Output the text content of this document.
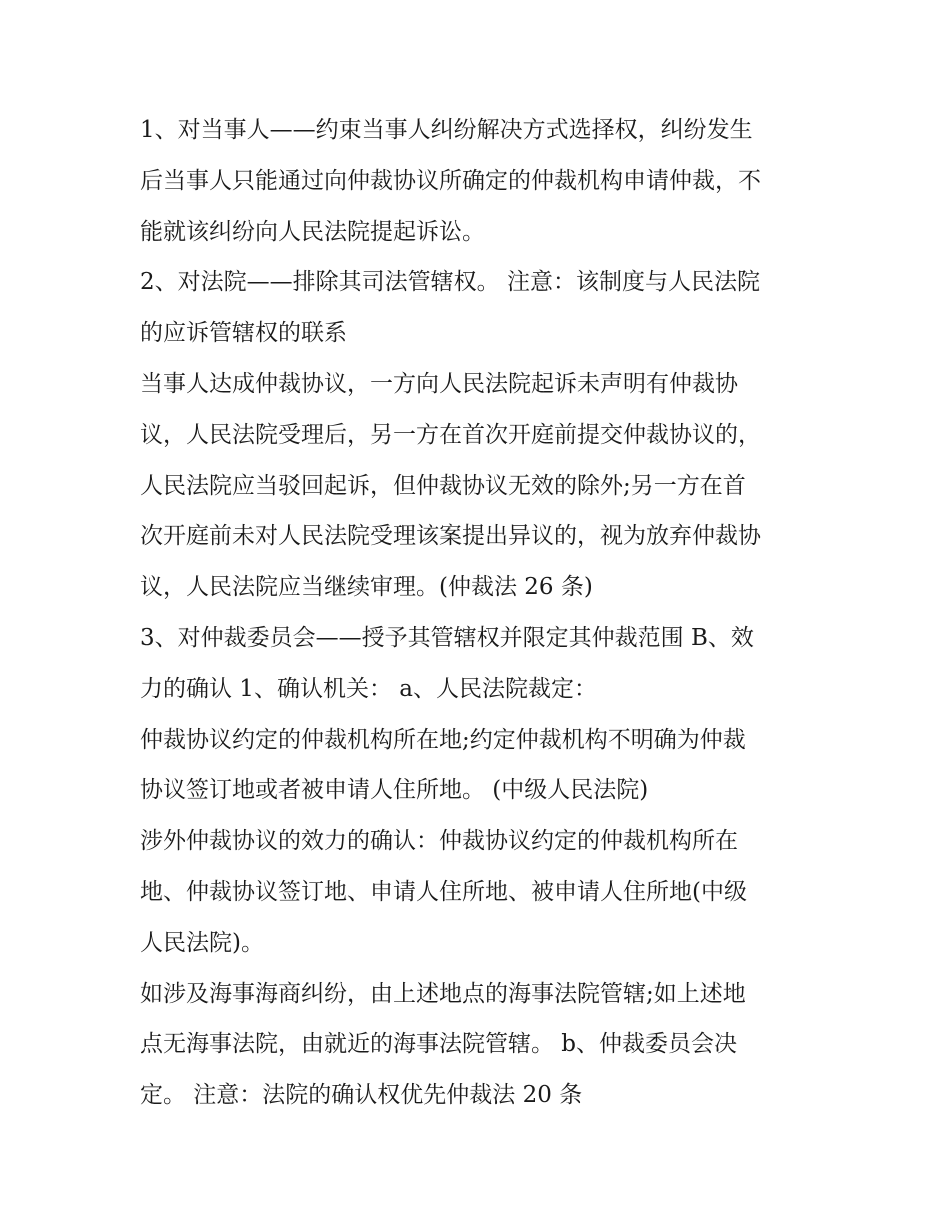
1、对当事人——约束当事人纠纷解决方式选择权，纠纷发生
后当事人只能通过向仲裁协议所确定的仲裁机构申请仲裁，不
能就该纠纷向人民法院提起诉讼。
2、对法院——排除其司法管辖权。 注意：该制度与人民法院
的应诉管辖权的联系
当事人达成仲裁协议，一方向人民法院起诉未声明有仲裁协
议，人民法院受理后，另一方在首次开庭前提交仲裁协议的，
人民法院应当驳回起诉，但仲裁协议无效的除外;另一方在首
次开庭前未对人民法院受理该案提出异议的，视为放弃仲裁协
议，人民法院应当继续审理。(仲裁法 26 条)
3、对仲裁委员会——授予其管辖权并限定其仲裁范围 B、效
力的确认 1、确认机关： a、人民法院裁定：
仲裁协议约定的仲裁机构所在地;约定仲裁机构不明确为仲裁
协议签订地或者被申请人住所地。 (中级人民法院)
涉外仲裁协议的效力的确认：仲裁协议约定的仲裁机构所在
地、仲裁协议签订地、申请人住所地、被申请人住所地(中级
人民法院)。
如涉及海事海商纠纷，由上述地点的海事法院管辖;如上述地
点无海事法院，由就近的海事法院管辖。 b、仲裁委员会决
定。 注意：法院的确认权优先仲裁法 20 条
